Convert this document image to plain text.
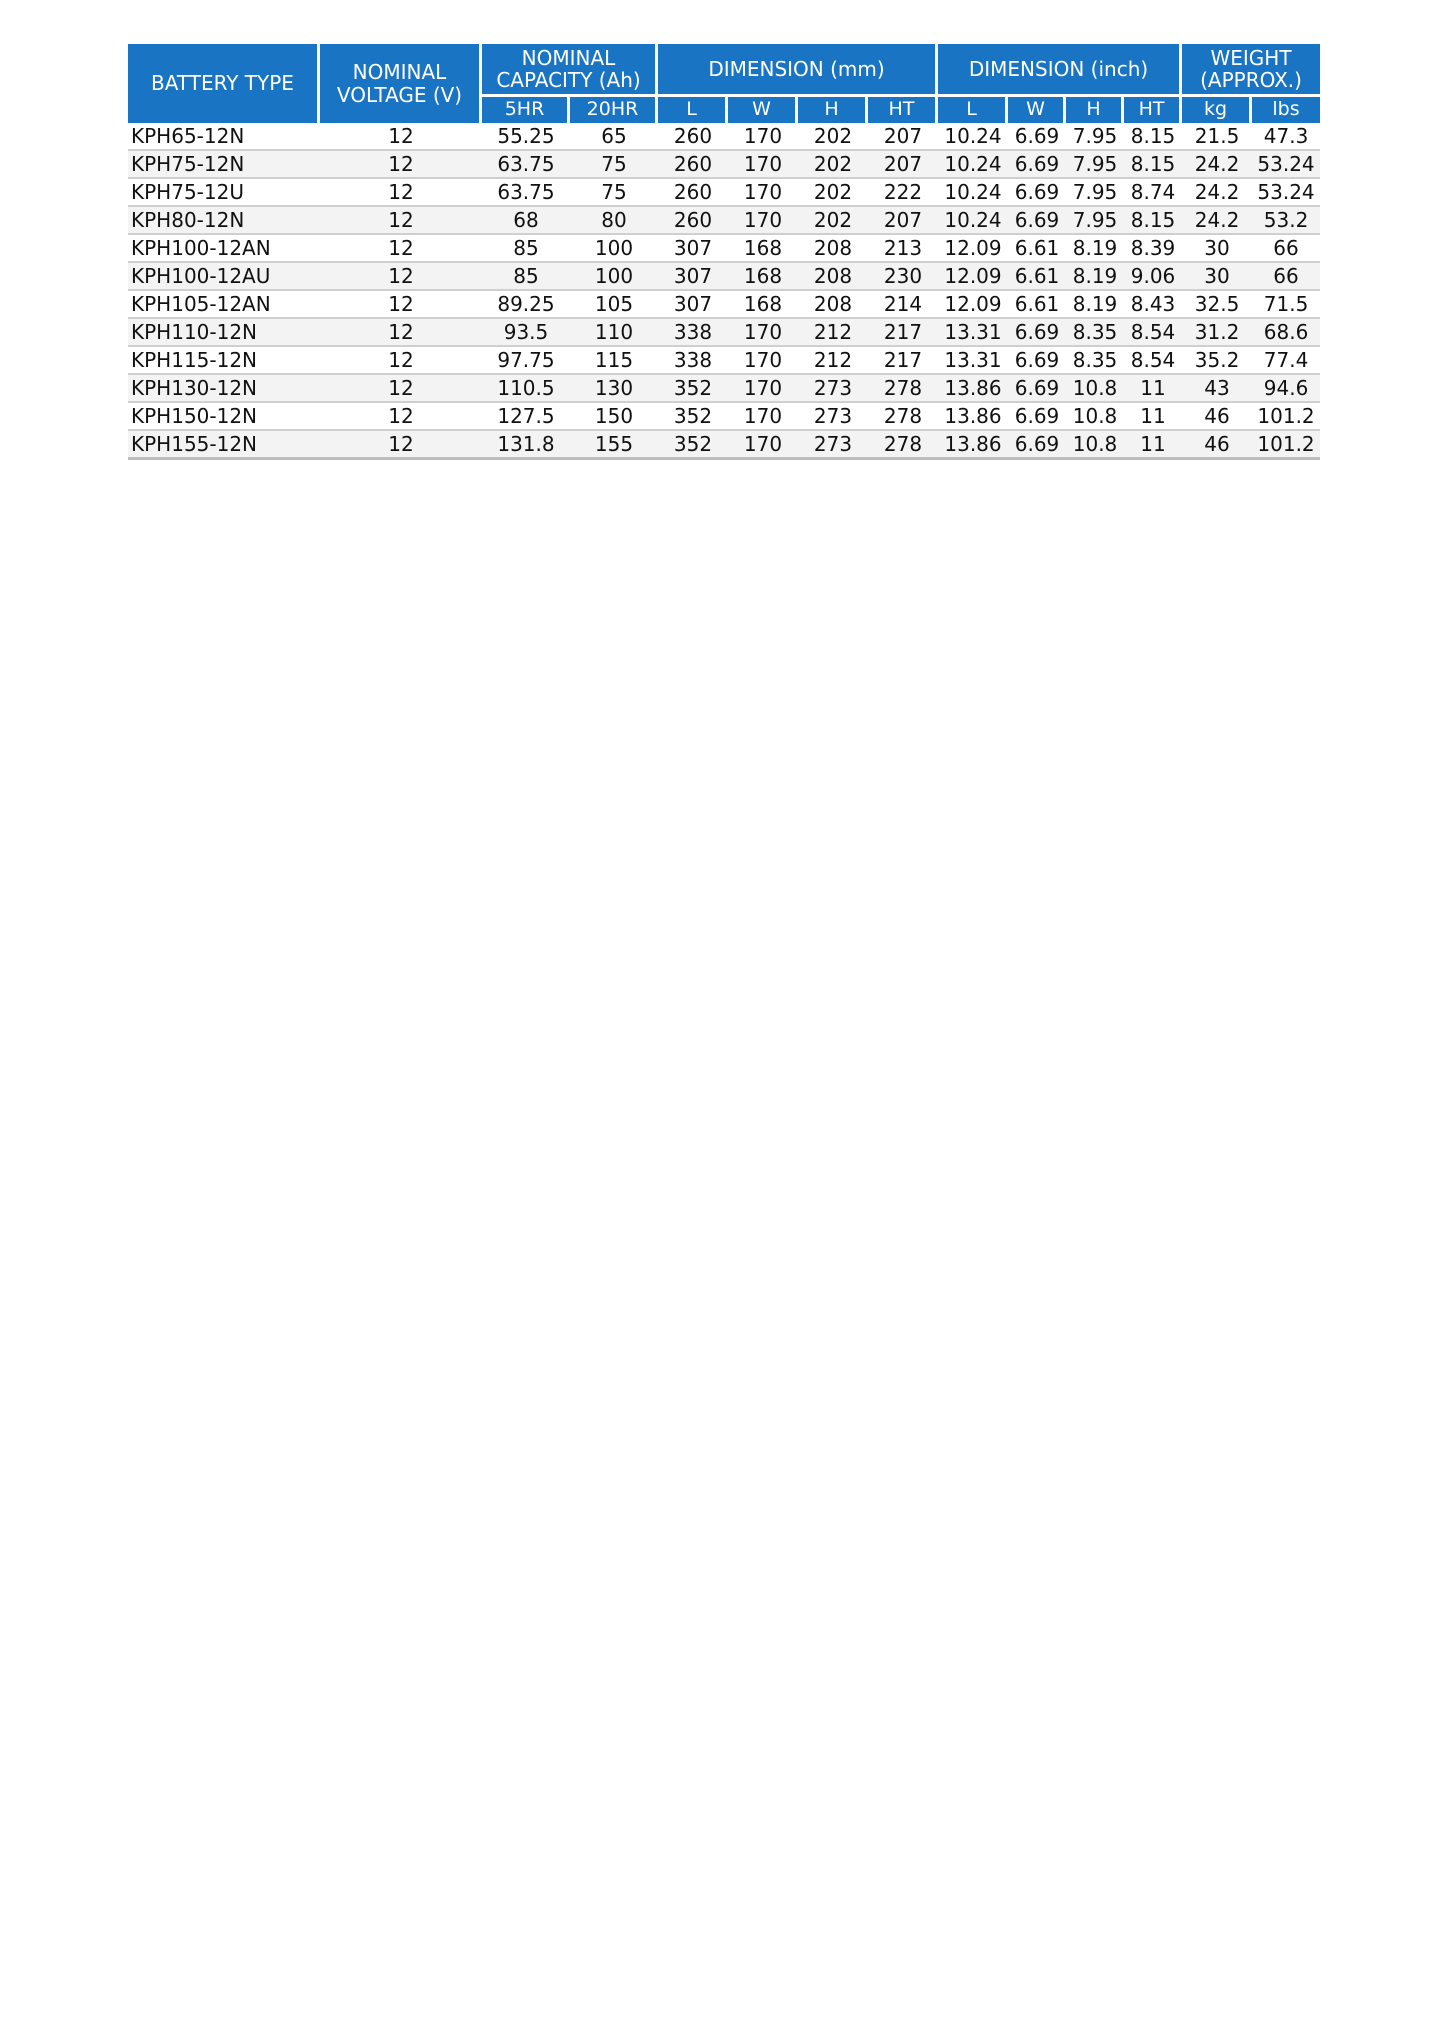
BATTERY TYPE	NOMINAL VOLTAGE (V)	NOMINAL CAPACITY (Ah)		DIMENSION (mm)				DIMENSION (inch)				WEIGHT (APPROX.)	
		5HR	20HR	L	W	H	HT	L	W	H	HT	kg	lbs
KPH65-12N	12	55.25	65	260	170	202	207	10.24	6.69	7.95	8.15	21.5	47.3
KPH75-12N	12	63.75	75	260	170	202	207	10.24	6.69	7.95	8.15	24.2	53.24
KPH75-12U	12	63.75	75	260	170	202	222	10.24	6.69	7.95	8.74	24.2	53.24
KPH80-12N	12	68	80	260	170	202	207	10.24	6.69	7.95	8.15	24.2	53.2
KPH100-12AN	12	85	100	307	168	208	213	12.09	6.61	8.19	8.39	30	66
KPH100-12AU	12	85	100	307	168	208	230	12.09	6.61	8.19	9.06	30	66
KPH105-12AN	12	89.25	105	307	168	208	214	12.09	6.61	8.19	8.43	32.5	71.5
KPH110-12N	12	93.5	110	338	170	212	217	13.31	6.69	8.35	8.54	31.2	68.6
KPH115-12N	12	97.75	115	338	170	212	217	13.31	6.69	8.35	8.54	35.2	77.4
KPH130-12N	12	110.5	130	352	170	273	278	13.86	6.69	10.8	11	43	94.6
KPH150-12N	12	127.5	150	352	170	273	278	13.86	6.69	10.8	11	46	101.2
KPH155-12N	12	131.8	155	352	170	273	278	13.86	6.69	10.8	11	46	101.2
